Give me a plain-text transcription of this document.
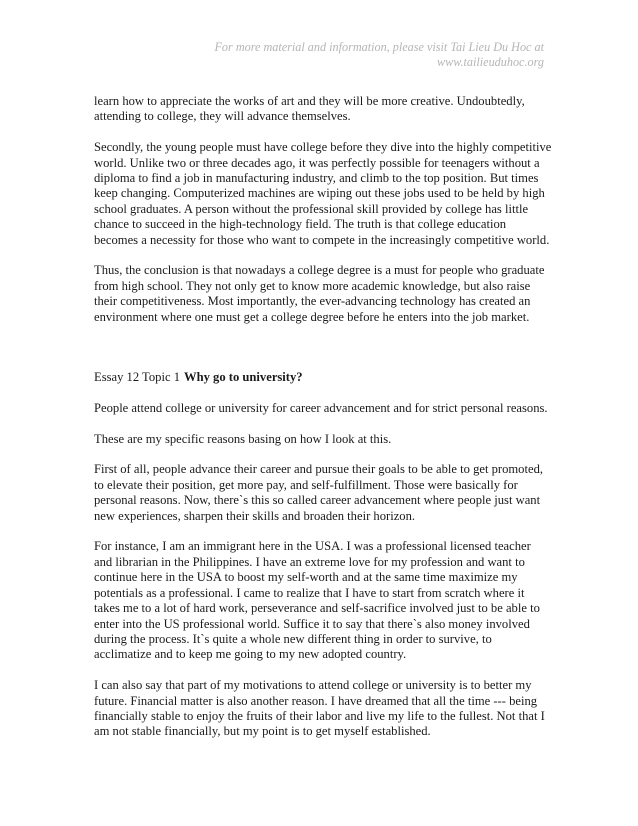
For more material and information, please visit Tai Lieu Du Hoc at
www.tailieuduhoc.org

learn how to appreciate the works of art and they will be more creative. Undoubtedly, attending to college, they will advance themselves.

Secondly, the young people must have college before they dive into the highly competitive world. Unlike two or three decades ago, it was perfectly possible for teenagers without a diploma to find a job in manufacturing industry, and climb to the top position. But times keep changing. Computerized machines are wiping out these jobs used to be held by high school graduates. A person without the professional skill provided by college has little chance to succeed in the high-technology field. The truth is that college education becomes a necessity for those who want to compete in the increasingly competitive world.

Thus, the conclusion is that nowadays a college degree is a must for people who graduate from high school. They not only get to know more academic knowledge, but also raise their competitiveness. Most importantly, the ever-advancing technology has created an environment where one must get a college degree before he enters into the job market.

Essay 12 Topic 1 Why go to university?

People attend college or university for career advancement and for strict personal reasons.

These are my specific reasons basing on how I look at this.

First of all, people advance their career and pursue their goals to be able to get promoted, to elevate their position, get more pay, and self-fulfillment. Those were basically for personal reasons. Now, there`s this so called career advancement where people just want new experiences, sharpen their skills and broaden their horizon.

For instance, I am an immigrant here in the USA. I was a professional licensed teacher and librarian in the Philippines. I have an extreme love for my profession and want to continue here in the USA to boost my self-worth and at the same time maximize my potentials as a professional. I came to realize that I have to start from scratch where it takes me to a lot of hard work, perseverance and self-sacrifice involved just to be able to enter into the US professional world. Suffice it to say that there`s also money involved during the process. It`s quite a whole new different thing in order to survive, to acclimatize and to keep me going to my new adopted country.

I can also say that part of my motivations to attend college or university is to better my future. Financial matter is also another reason. I have dreamed that all the time --- being financially stable to enjoy the fruits of their labor and live my life to the fullest. Not that I am not stable financially, but my point is to get myself established.
